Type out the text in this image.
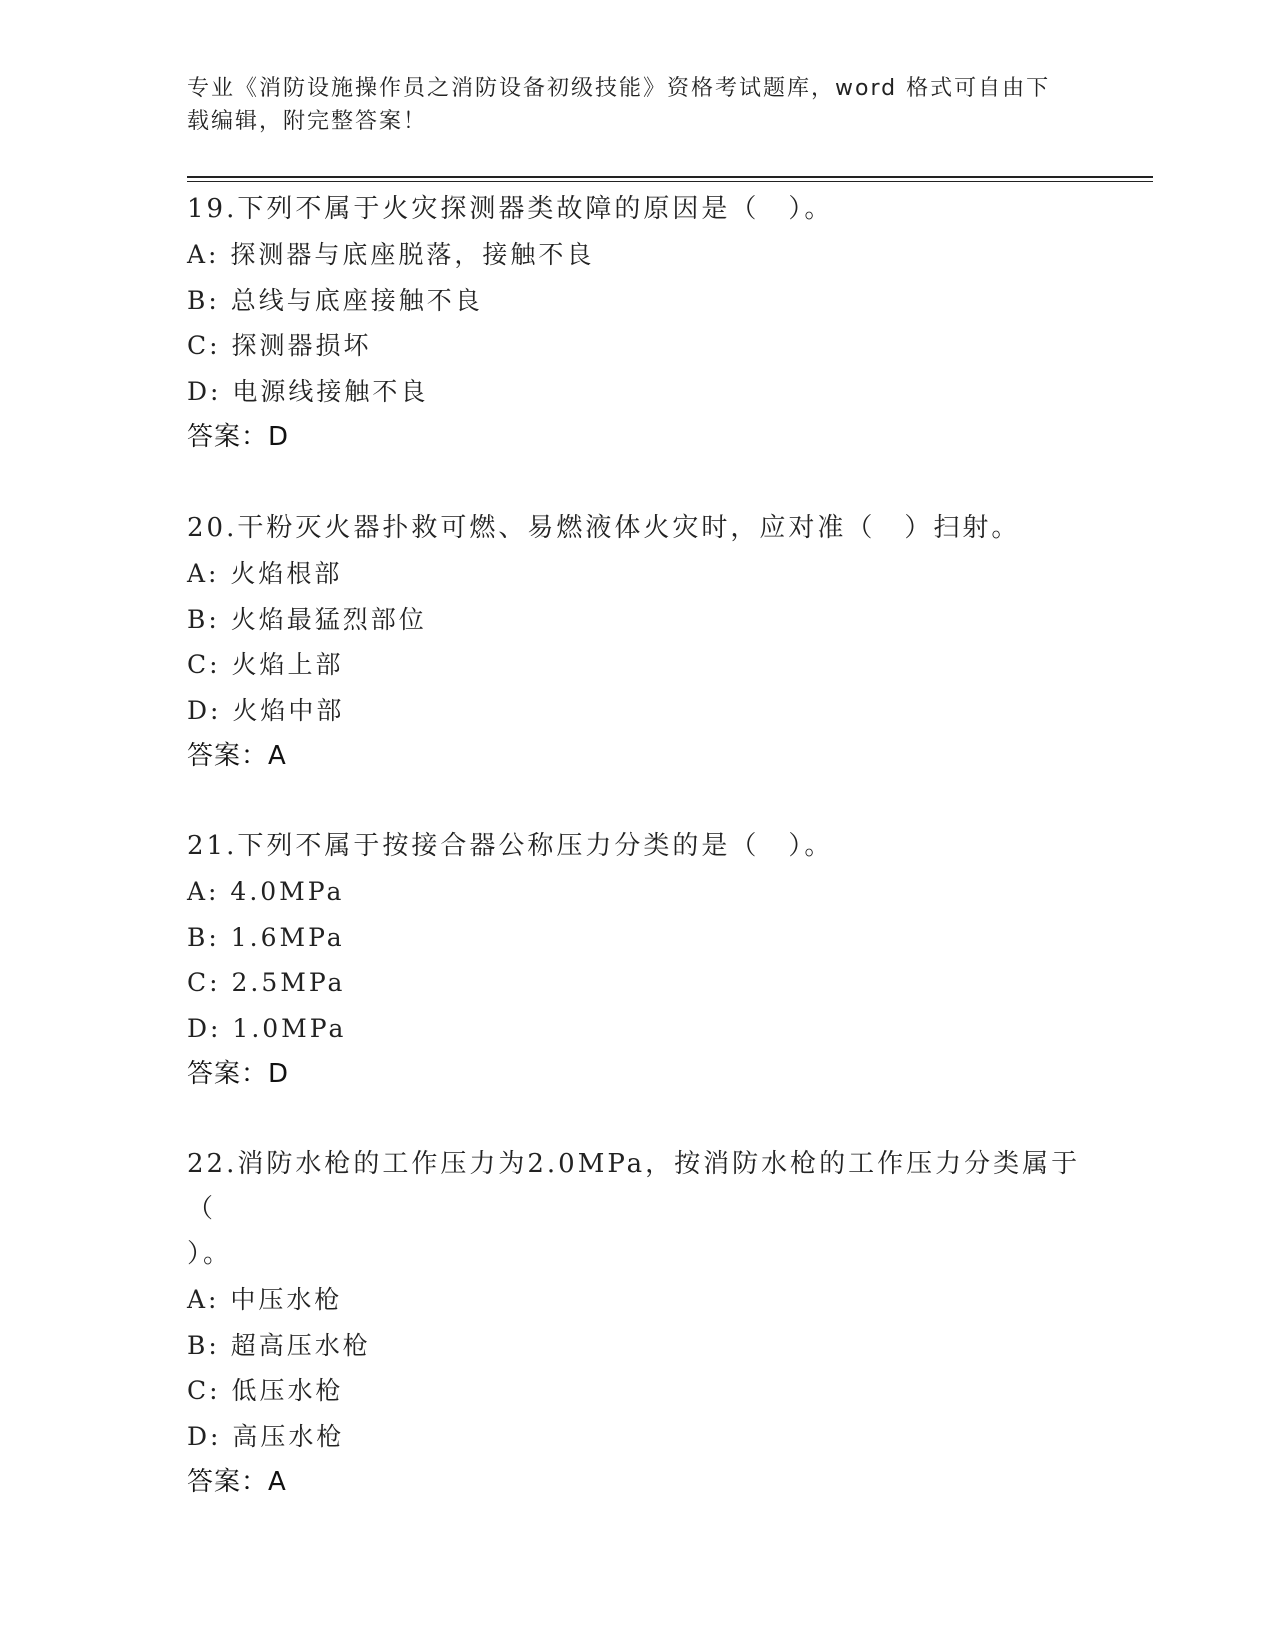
专业《消防设施操作员之消防设备初级技能》资格考试题库，word 格式可自由下载编辑，附完整答案！
19.下列不属于火灾探测器类故障的原因是（　）。
A: 探测器与底座脱落，接触不良
B: 总线与底座接触不良
C: 探测器损坏
D: 电源线接触不良
答案：D
20.干粉灭火器扑救可燃、易燃液体火灾时，应对准（　）扫射。
A: 火焰根部
B: 火焰最猛烈部位
C: 火焰上部
D: 火焰中部
答案：A
21.下列不属于按接合器公称压力分类的是（　）。
A: 4.0MPa
B: 1.6MPa
C: 2.5MPa
D: 1.0MPa
答案：D
22.消防水枪的工作压力为2.0MPa，按消防水枪的工作压力分类属于（
）。
A: 中压水枪
B: 超高压水枪
C: 低压水枪
D: 高压水枪
答案：A
